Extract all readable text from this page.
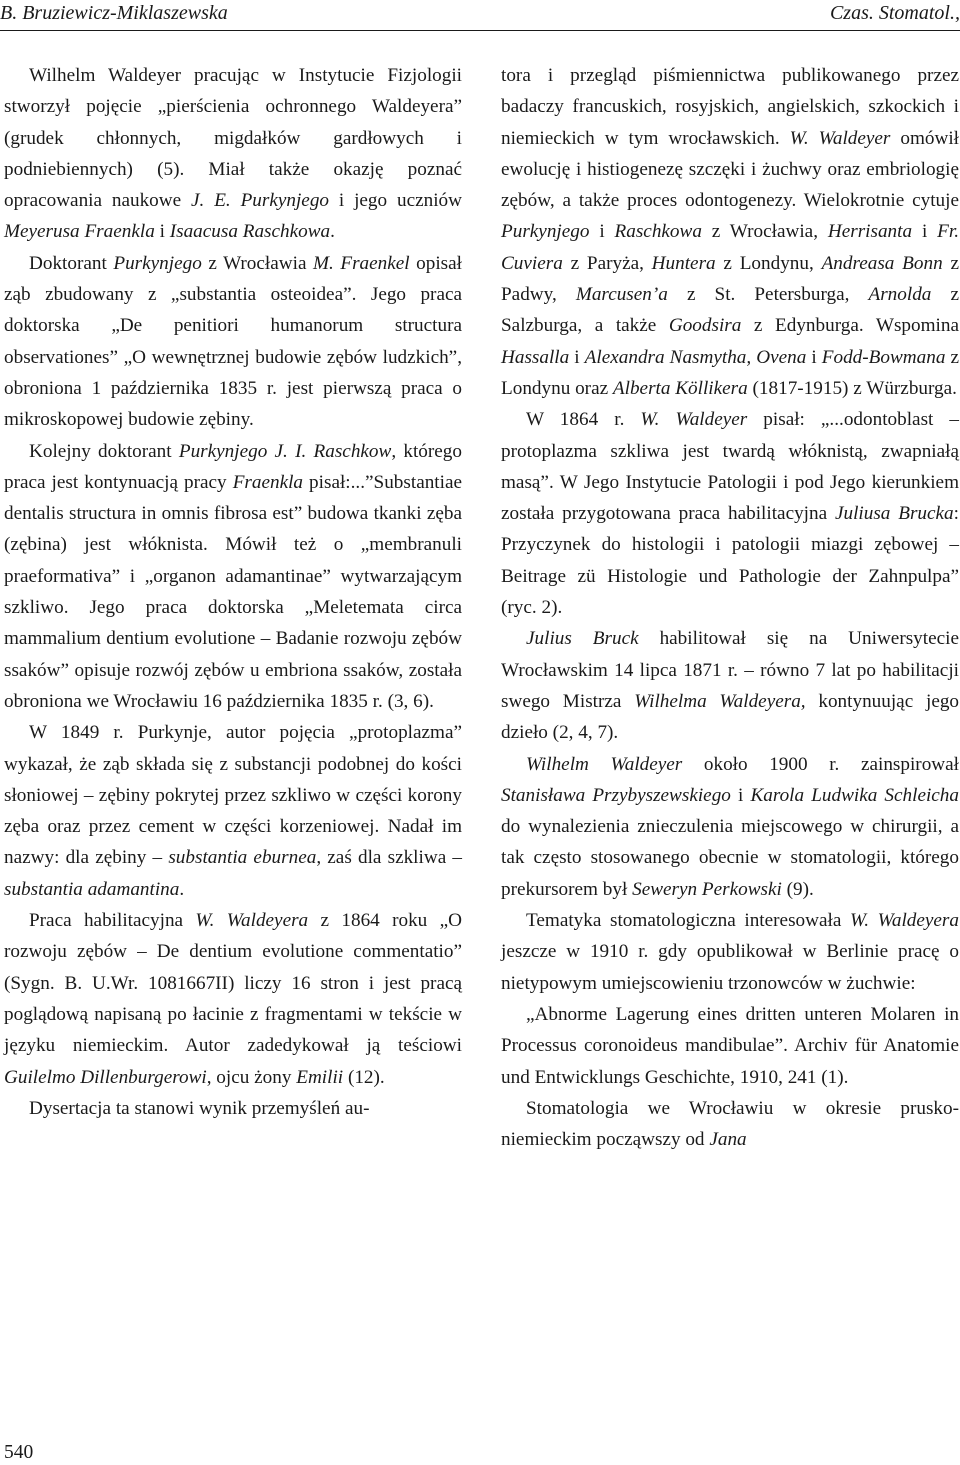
B. Bruziewicz-Miklaszewska	Czas. Stomatol.,

Wilhelm Waldeyer pracując w Instytucie Fizjologii stworzył pojęcie „pierścienia ochronnego Waldeyera” (grudek chłonnych, migdałków gardłowych i podniebiennych) (5). Miał także okazję poznać opracowania naukowe J. E. Purkynjego i jego uczniów Meyerusa Fraenkla i Isaacusa Raschkowa.

Doktorant Purkynjego z Wrocławia M. Fraenkel opisał ząb zbudowany z „substantia osteoidea”. Jego praca doktorska „De penitiori humanorum structura observationes” „O wewnętrznej budowie zębów ludzkich”, obroniona 1 października 1835 r. jest pierwszą praca o mikroskopowej budowie zębiny.

Kolejny doktorant Purkynjego J. I. Raschkow, którego praca jest kontynuacją pracy Fraenkla pisał:...”Substantiae dentalis structura in omnis fibrosa est” budowa tkanki zęba (zębina) jest włóknista. Mówił też o „membranuli praeformativa” i „organon adamantinae” wytwarzającym szkliwo. Jego praca doktorska „Meletemata circa mammalium dentium evolutione – Badanie rozwoju zębów ssaków” opisuje rozwój zębów u embriona ssaków, została obroniona we Wrocławiu 16 października 1835 r. (3, 6).

W 1849 r. Purkynje, autor pojęcia „protoplazma” wykazał, że ząb składa się z substancji podobnej do kości słoniowej – zębiny pokrytej przez szkliwo w części korony zęba oraz przez cement w części korzeniowej. Nadał im nazwy: dla zębiny – substantia eburnea, zaś dla szkliwa – substantia adamantina.

Praca habilitacyjna W. Waldeyera z 1864 roku „O rozwoju zębów – De dentium evolutione commentatio” (Sygn. B. U.Wr. 1081667II) liczy 16 stron i jest pracą poglądową napisaną po łacinie z fragmentami w tekście w języku niemieckim. Autor zadedykował ją teściowi Guilelmo Dillenburgerowi, ojcu żony Emilii (12).

Dysertacja ta stanowi wynik przemyśleń au-

tora i przegląd piśmiennictwa publikowanego przez badaczy francuskich, rosyjskich, angielskich, szkockich i niemieckich w tym wrocławskich. W. Waldeyer omówił ewolucję i histiogenezę szczęki i żuchwy oraz embriologię zębów, a także proces odontogenezy. Wielokrotnie cytuje Purkynjego i Raschkowa z Wrocławia, Herrisanta i Fr. Cuviera z Paryża, Huntera z Londynu, Andreasa Bonn z Padwy, Marcusen’a z St. Petersburga, Arnolda z Salzburga, a także Goodsira z Edynburga. Wspomina Hassalla i Alexandra Nasmytha, Ovena i Fodd-Bowmana z Londynu oraz Alberta Köllikera (1817-1915) z Würzburga.

W 1864 r. W. Waldeyer pisał: „...odontoblast – protoplazma szkliwa jest twardą włóknistą, zwapniałą masą”. W Jego Instytucie Patologii i pod Jego kierunkiem została przygotowana praca habilitacyjna Juliusa Brucka: Przyczynek do histologii i patologii miazgi zębowej – Beitrage zü Histologie und Pathologie der Zahnpulpa” (ryc. 2).

Julius Bruck habilitował się na Uniwersytecie Wrocławskim 14 lipca 1871 r. – równo 7 lat po habilitacji swego Mistrza Wilhelma Waldeyera, kontynuując jego dzieło (2, 4, 7).

Wilhelm Waldeyer około 1900 r. zainspirował Stanisława Przybyszewskiego i Karola Ludwika Schleicha do wynalezienia znieczulenia miejscowego w chirurgii, a tak często stosowanego obecnie w stomatologii, którego prekursorem był Seweryn Perkowski (9).

Tematyka stomatologiczna interesowała W. Waldeyera jeszcze w 1910 r. gdy opublikował w Berlinie pracę o nietypowym umiejscowieniu trzonowców w żuchwie:

„Abnorme Lagerung eines dritten unteren Molaren in Processus coronoideus mandibulae”. Archiv für Anatomie und Entwicklungs Geschichte, 1910, 241 (1).

Stomatologia we Wrocławiu w okresie prusko-niemieckim począwszy od Jana

540
